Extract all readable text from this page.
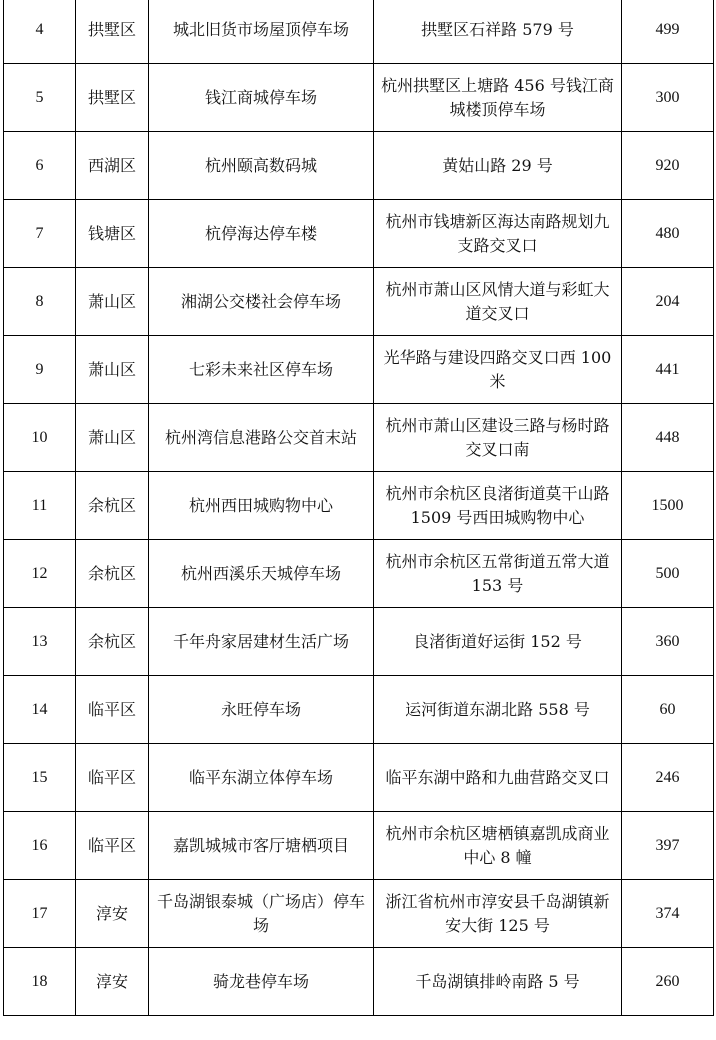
4	拱墅区	城北旧货市场屋顶停车场	拱墅区石祥路 579 号	499
5	拱墅区	钱江商城停车场	杭州拱墅区上塘路 456 号钱江商城楼顶停车场	300
6	西湖区	杭州颐高数码城	黄姑山路 29 号	920
7	钱塘区	杭停海达停车楼	杭州市钱塘新区海达南路规划九支路交叉口	480
8	萧山区	湘湖公交楼社会停车场	杭州市萧山区风情大道与彩虹大道交叉口	204
9	萧山区	七彩未来社区停车场	光华路与建设四路交叉口西 100 米	441
10	萧山区	杭州湾信息港路公交首末站	杭州市萧山区建设三路与杨时路交叉口南	448
11	余杭区	杭州西田城购物中心	杭州市余杭区良渚街道莫干山路 1509 号西田城购物中心	1500
12	余杭区	杭州西溪乐天城停车场	杭州市余杭区五常街道五常大道 153 号	500
13	余杭区	千年舟家居建材生活广场	良渚街道好运街 152 号	360
14	临平区	永旺停车场	运河街道东湖北路 558 号	60
15	临平区	临平东湖立体停车场	临平东湖中路和九曲营路交叉口	246
16	临平区	嘉凯城城市客厅塘栖项目	杭州市余杭区塘栖镇嘉凯成商业中心 8 幢	397
17	淳安	千岛湖银泰城（广场店）停车场	浙江省杭州市淳安县千岛湖镇新安大街 125 号	374
18	淳安	骑龙巷停车场	千岛湖镇排岭南路 5 号	260
